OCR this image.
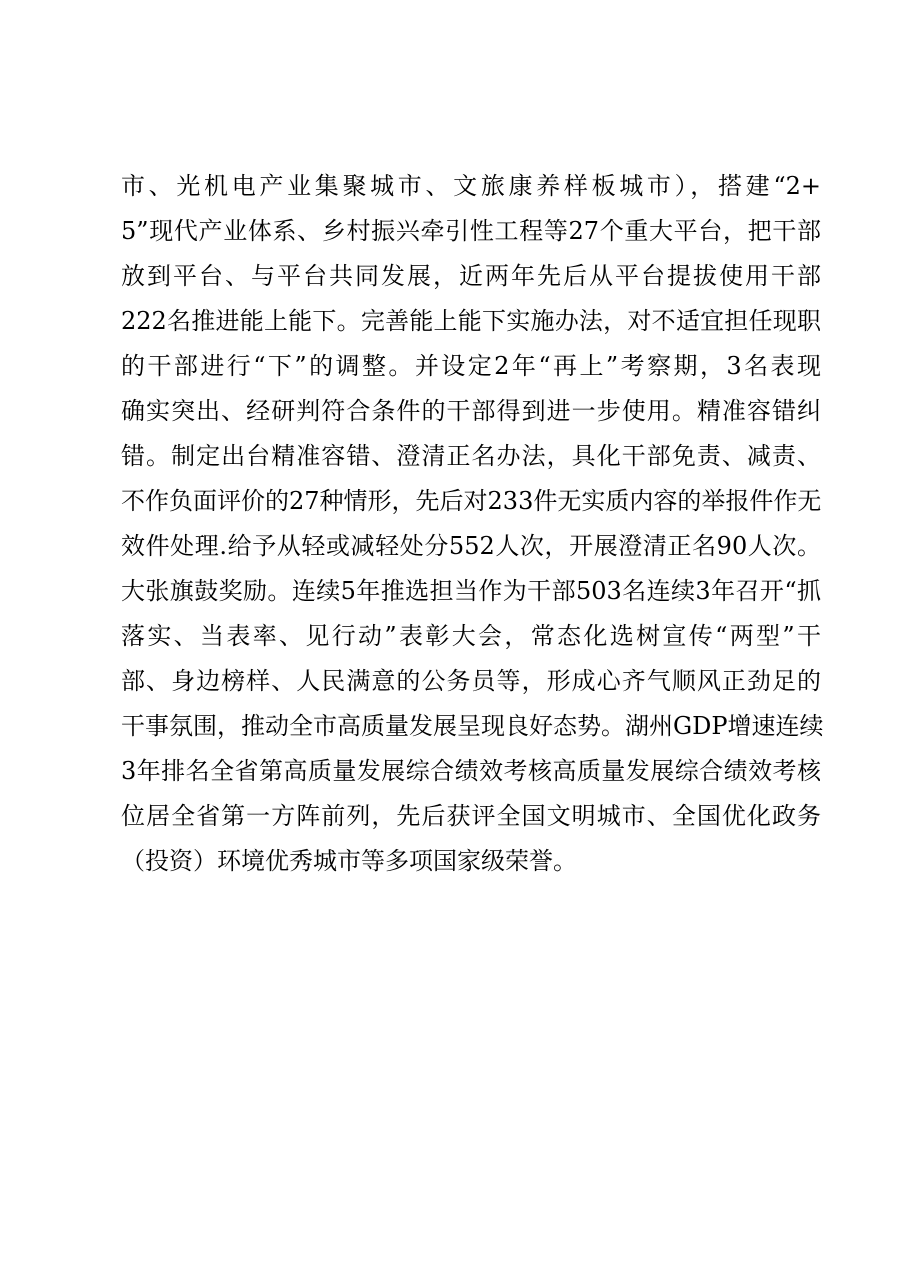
市、光机电产业集聚城市、文旅康养样板城市），搭建“2+
5”现代产业体系、乡村振兴牵引性工程等27个重大平台，把干部
放到平台、与平台共同发展，近两年先后从平台提拔使用干部
222名推进能上能下。完善能上能下实施办法，对不适宜担任现职
的干部进行“下”的调整。并设定2年“再上”考察期，3名表现
确实突出、经研判符合条件的干部得到进一步使用。精准容错纠
错。制定出台精准容错、澄清正名办法，具化干部免责、减责、
不作负面评价的27种情形，先后对233件无实质内容的举报件作无
效件处理.给予从轻或减轻处分552人次，开展澄清正名90人次。
大张旗鼓奖励。连续5年推选担当作为干部503名连续3年召开“抓
落实、当表率、见行动”表彰大会，常态化选树宣传“两型”干
部、身边榜样、人民满意的公务员等，形成心齐气顺风正劲足的
干事氛围，推动全市高质量发展呈现良好态势。湖州GDP增速连续
3年排名全省第高质量发展综合绩效考核高质量发展综合绩效考核
位居全省第一方阵前列，先后获评全国文明城市、全国优化政务
（投资）环境优秀城市等多项国家级荣誉。
